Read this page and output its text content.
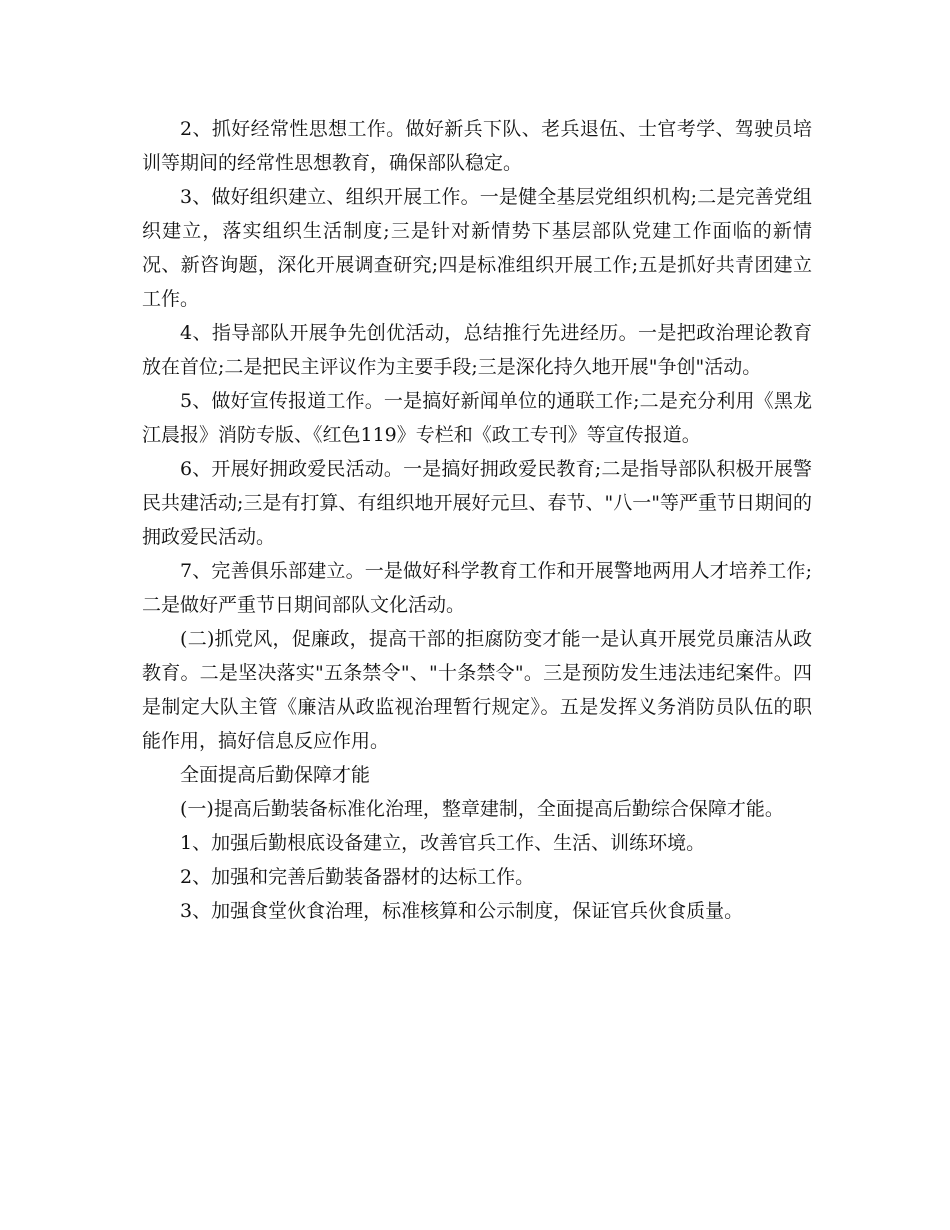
2、抓好经常性思想工作。做好新兵下队、老兵退伍、士官考学、驾驶员培训等期间的经常性思想教育，确保部队稳定。

3、做好组织建立、组织开展工作。一是健全基层党组织机构;二是完善党组织建立，落实组织生活制度;三是针对新情势下基层部队党建工作面临的新情况、新咨询题，深化开展调查研究;四是标准组织开展工作;五是抓好共青团建立工作。

4、指导部队开展争先创优活动，总结推行先进经历。一是把政治理论教育放在首位;二是把民主评议作为主要手段;三是深化持久地开展"争创"活动。

5、做好宣传报道工作。一是搞好新闻单位的通联工作;二是充分利用《黑龙江晨报》消防专版、《红色119》专栏和《政工专刊》等宣传报道。

6、开展好拥政爱民活动。一是搞好拥政爱民教育;二是指导部队积极开展警民共建活动;三是有打算、有组织地开展好元旦、春节、"八一"等严重节日期间的拥政爱民活动。

7、完善俱乐部建立。一是做好科学教育工作和开展警地两用人才培养工作;二是做好严重节日期间部队文化活动。

(二)抓党风，促廉政，提高干部的拒腐防变才能一是认真开展党员廉洁从政教育。二是坚决落实"五条禁令"、"十条禁令"。三是预防发生违法违纪案件。四是制定大队主管《廉洁从政监视治理暂行规定》。五是发挥义务消防员队伍的职能作用，搞好信息反应作用。

全面提高后勤保障才能

(一)提高后勤装备标准化治理，整章建制，全面提高后勤综合保障才能。

1、加强后勤根底设备建立，改善官兵工作、生活、训练环境。

2、加强和完善后勤装备器材的达标工作。

3、加强食堂伙食治理，标准核算和公示制度，保证官兵伙食质量。
